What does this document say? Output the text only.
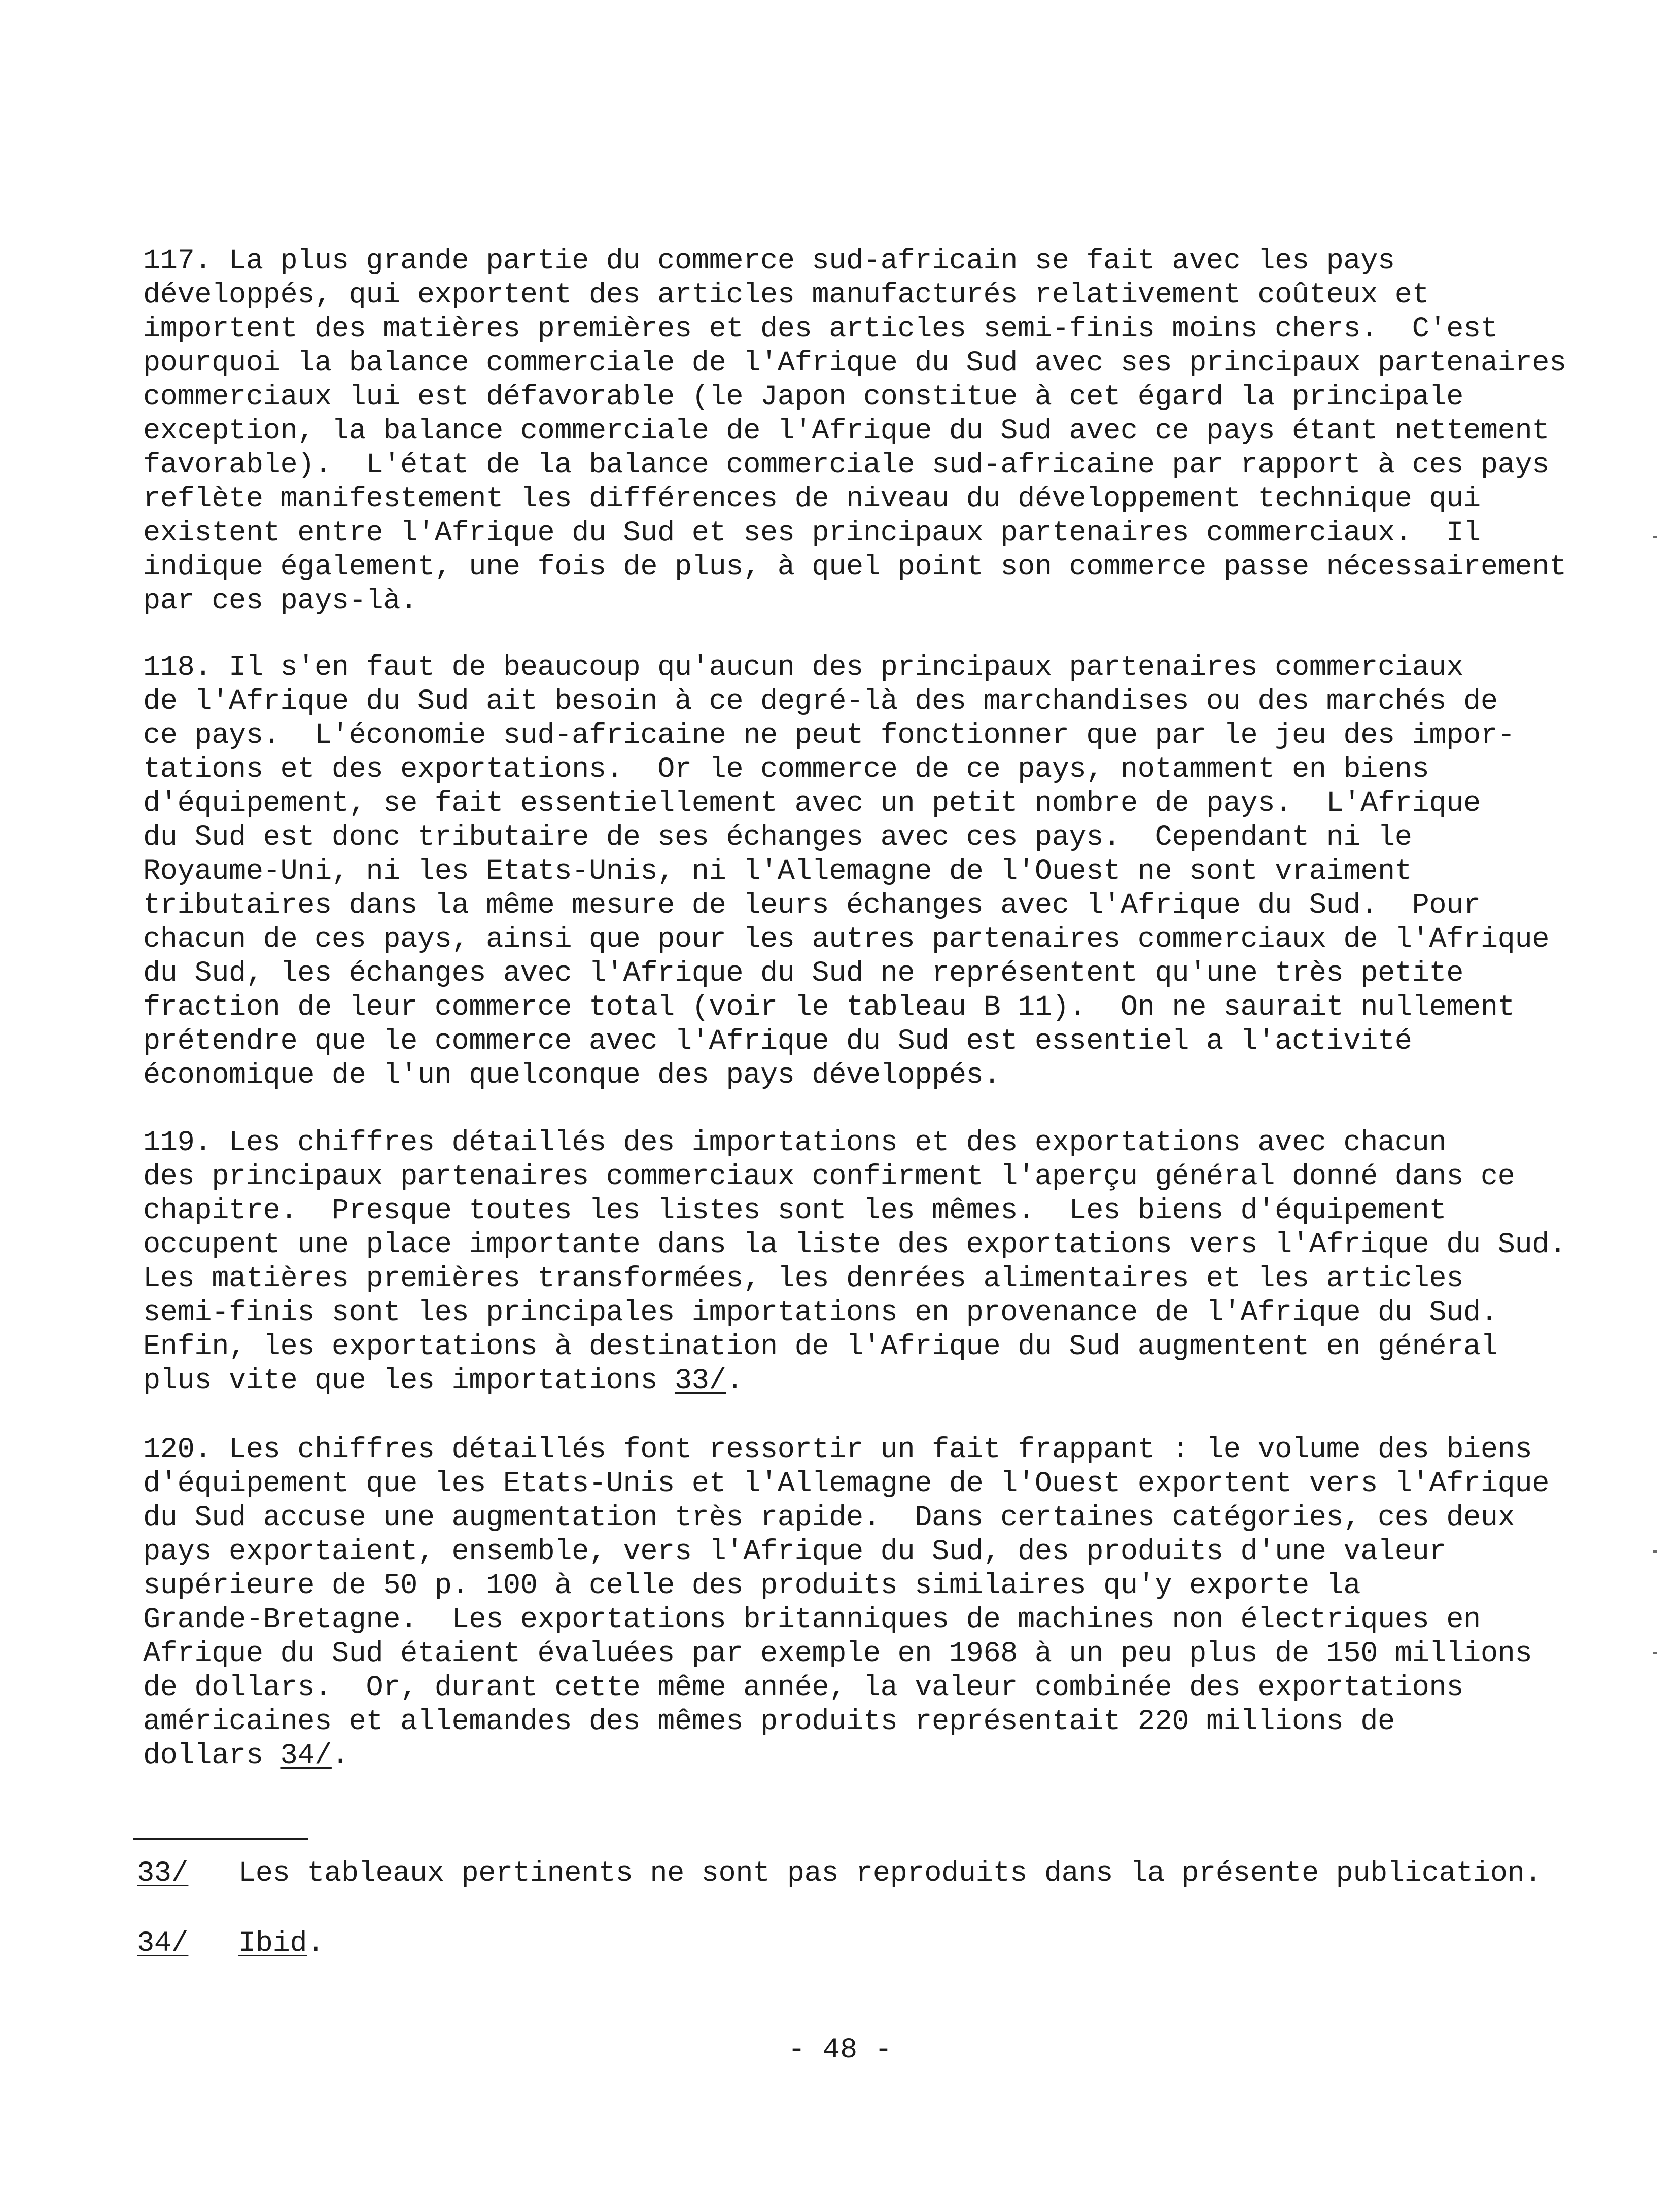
117. La plus grande partie du commerce sud-africain se fait avec les pays
développés, qui exportent des articles manufacturés relativement coûteux et
importent des matières premières et des articles semi-finis moins chers.  C'est
pourquoi la balance commerciale de l'Afrique du Sud avec ses principaux partenaires
commerciaux lui est défavorable (le Japon constitue à cet égard la principale
exception, la balance commerciale de l'Afrique du Sud avec ce pays étant nettement
favorable).  L'état de la balance commerciale sud-africaine par rapport à ces pays
reflète manifestement les différences de niveau du développement technique qui
existent entre l'Afrique du Sud et ses principaux partenaires commerciaux.  Il
indique également, une fois de plus, à quel point son commerce passe nécessairement
par ces pays-là.
118. Il s'en faut de beaucoup qu'aucun des principaux partenaires commerciaux
de l'Afrique du Sud ait besoin à ce degré-là des marchandises ou des marchés de
ce pays.  L'économie sud-africaine ne peut fonctionner que par le jeu des impor-
tations et des exportations.  Or le commerce de ce pays, notamment en biens
d'équipement, se fait essentiellement avec un petit nombre de pays.  L'Afrique
du Sud est donc tributaire de ses échanges avec ces pays.  Cependant ni le
Royaume-Uni, ni les Etats-Unis, ni l'Allemagne de l'Ouest ne sont vraiment
tributaires dans la même mesure de leurs échanges avec l'Afrique du Sud.  Pour
chacun de ces pays, ainsi que pour les autres partenaires commerciaux de l'Afrique
du Sud, les échanges avec l'Afrique du Sud ne représentent qu'une très petite
fraction de leur commerce total (voir le tableau B 11).  On ne saurait nullement
prétendre que le commerce avec l'Afrique du Sud est essentiel a l'activité
économique de l'un quelconque des pays développés.
119. Les chiffres détaillés des importations et des exportations avec chacun
des principaux partenaires commerciaux confirment l'aperçu général donné dans ce
chapitre.  Presque toutes les listes sont les mêmes.  Les biens d'équipement
occupent une place importante dans la liste des exportations vers l'Afrique du Sud.
Les matières premières transformées, les denrées alimentaires et les articles
semi-finis sont les principales importations en provenance de l'Afrique du Sud.
Enfin, les exportations à destination de l'Afrique du Sud augmentent en général
plus vite que les importations 33/.
120. Les chiffres détaillés font ressortir un fait frappant : le volume des biens
d'équipement que les Etats-Unis et l'Allemagne de l'Ouest exportent vers l'Afrique
du Sud accuse une augmentation très rapide.  Dans certaines catégories, ces deux
pays exportaient, ensemble, vers l'Afrique du Sud, des produits d'une valeur
supérieure de 50 p. 100 à celle des produits similaires qu'y exporte la
Grande-Bretagne.  Les exportations britanniques de machines non électriques en
Afrique du Sud étaient évaluées par exemple en 1968 à un peu plus de 150 millions
de dollars.  Or, durant cette même année, la valeur combinée des exportations
américaines et allemandes des mêmes produits représentait 220 millions de
dollars 34/.
33/ Les tableaux pertinents ne sont pas reproduits dans la présente publication.
34/ Ibid.
- 48 -
